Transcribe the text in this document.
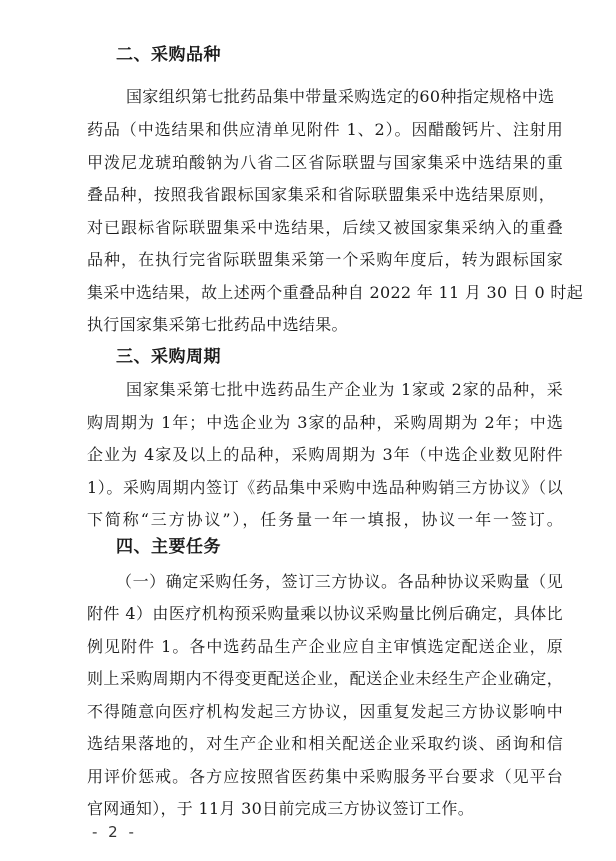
二、采购品种
国家组织第七批药品集中带量采购选定的60种指定规格中选
药品（中选结果和供应清单见附件 1、2）。因醋酸钙片、注射用
甲泼尼龙琥珀酸钠为八省二区省际联盟与国家集采中选结果的重
叠品种，按照我省跟标国家集采和省际联盟集采中选结果原则，
对已跟标省际联盟集采中选结果，后续又被国家集采纳入的重叠
品种，在执行完省际联盟集采第一个采购年度后，转为跟标国家
集采中选结果，故上述两个重叠品种自 2022 年 11 月 30 日 0 时起
执行国家集采第七批药品中选结果。
三、采购周期
国家集采第七批中选药品生产企业为 1家或 2家的品种，采
购周期为 1年；中选企业为 3家的品种，采购周期为 2年；中选
企业为 4家及以上的品种，采购周期为 3年（中选企业数见附件
1）。采购周期内签订《药品集中采购中选品种购销三方协议》（以
下简称“三方协议”），任务量一年一填报，协议一年一签订。
四、主要任务
（一）确定采购任务，签订三方协议。各品种协议采购量（见
附件 4）由医疗机构预采购量乘以协议采购量比例后确定，具体比
例见附件 1。各中选药品生产企业应自主审慎选定配送企业，原
则上采购周期内不得变更配送企业，配送企业未经生产企业确定，
不得随意向医疗机构发起三方协议，因重复发起三方协议影响中
选结果落地的，对生产企业和相关配送企业采取约谈、函询和信
用评价惩戒。各方应按照省医药集中采购服务平台要求（见平台
官网通知），于 11月 30日前完成三方协议签订工作。
- 2 -
